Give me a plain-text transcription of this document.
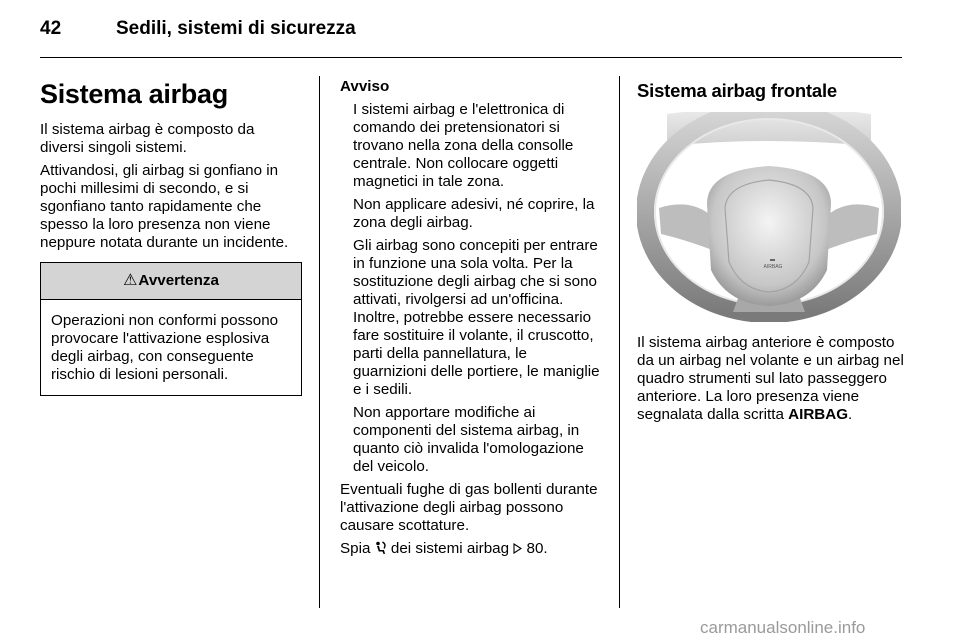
42	Sedili, sistemi di sicurezza
Sistema airbag

Il sistema airbag è composto da diversi singoli sistemi.

Attivandosi, gli airbag si gonfiano in pochi millesimi di secondo, e si sgonfiano tanto rapidamente che spesso la loro presenza non viene neppure notata durante un incidente.

⚠ Avvertenza

Operazioni non conformi possono provocare l'attivazione esplosiva degli airbag, con conseguente rischio di lesioni personali.

Avviso

I sistemi airbag e l'elettronica di comando dei pretensionatori si trovano nella zona della consolle centrale. Non collocare oggetti magnetici in tale zona.

Non applicare adesivi, né coprire, la zona degli airbag.

Gli airbag sono concepiti per entrare in funzione una sola volta. Per la sostituzione degli airbag che si sono attivati, rivolgersi ad un'officina. Inoltre, potrebbe essere necessario fare sostituire il volante, il cruscotto, parti della pannellatura, le guarnizioni delle portiere, le maniglie e i sedili.

Non apportare modifiche ai componenti del sistema airbag, in quanto ciò invalida l'omologazione del veicolo.

Eventuali fughe di gas bollenti durante l'attivazione degli airbag possono causare scottature.

Spia dei sistemi airbag 80.

Sistema airbag frontale
AIRBAG

Il sistema airbag anteriore è composto da un airbag nel volante e un airbag nel quadro strumenti sul lato passeggero anteriore. La loro presenza viene segnalata dalla scritta AIRBAG.

carmanualsonline.info
